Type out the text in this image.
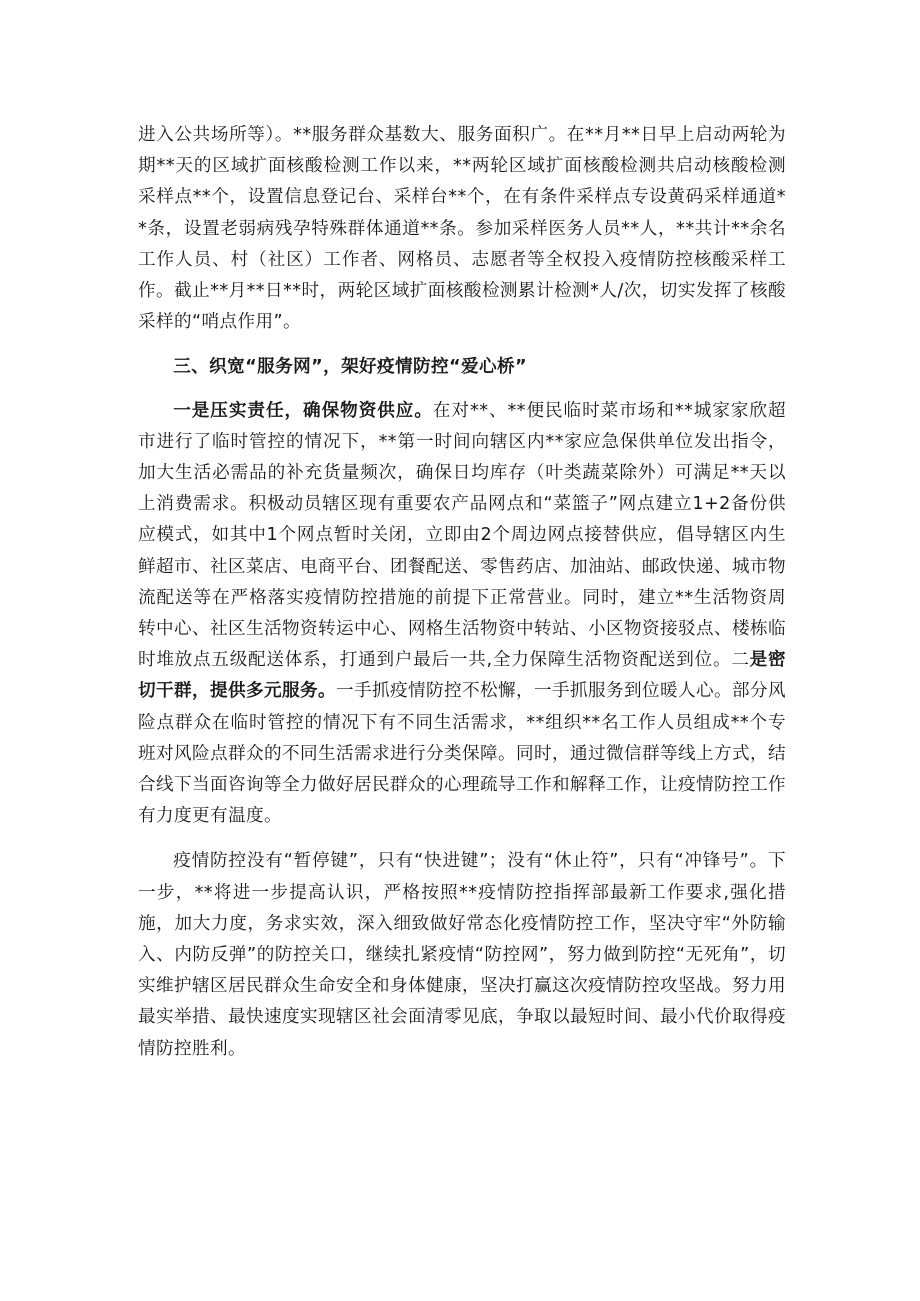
进入公共场所等）。**服务群众基数大、服务面积广。在**月**日早上启动两轮为期**天的区域扩面核酸检测工作以来，**两轮区域扩面核酸检测共启动核酸检测采样点**个，设置信息登记台、采样台**个，在有条件采样点专设黄码采样通道**条，设置老弱病残孕特殊群体通道**条。参加采样医务人员**人，**共计**余名工作人员、村（社区）工作者、网格员、志愿者等全权投入疫情防控核酸采样工作。截止**月**日**时，两轮区域扩面核酸检测累计检测*人/次，切实发挥了核酸采样的“哨点作用”。

三、织宽“服务网”，架好疫情防控“爱心桥”

一是压实责任，确保物资供应。在对**、**便民临时菜市场和**城家家欣超市进行了临时管控的情况下，**第一时间向辖区内**家应急保供单位发出指令，加大生活必需品的补充货量频次，确保日均库存（叶类蔬菜除外）可满足**天以上消费需求。积极动员辖区现有重要农产品网点和“菜篮子”网点建立1+2备份供应模式，如其中1个网点暂时关闭，立即由2个周边网点接替供应，倡导辖区内生鲜超市、社区菜店、电商平台、团餐配送、零售药店、加油站、邮政快递、城市物流配送等在严格落实疫情防控措施的前提下正常营业。同时，建立**生活物资周转中心、社区生活物资转运中心、网格生活物资中转站、小区物资接驳点、楼栋临时堆放点五级配送体系，打通到户最后一共,全力保障生活物资配送到位。二是密切干群，提供多元服务。一手抓疫情防控不松懈，一手抓服务到位暖人心。部分风险点群众在临时管控的情况下有不同生活需求，**组织**名工作人员组成**个专班对风险点群众的不同生活需求进行分类保障。同时，通过微信群等线上方式，结合线下当面咨询等全力做好居民群众的心理疏导工作和解释工作，让疫情防控工作有力度更有温度。

疫情防控没有“暂停键”，只有“快进键”；没有“休止符”，只有“冲锋号”。下一步，**将进一步提高认识，严格按照**疫情防控指挥部最新工作要求,强化措施，加大力度，务求实效，深入细致做好常态化疫情防控工作，坚决守牢“外防输入、内防反弹”的防控关口，继续扎紧疫情“防控网”，努力做到防控“无死角”，切实维护辖区居民群众生命安全和身体健康，坚决打赢这次疫情防控攻坚战。努力用最实举措、最快速度实现辖区社会面清零见底，争取以最短时间、最小代价取得疫情防控胜利。
